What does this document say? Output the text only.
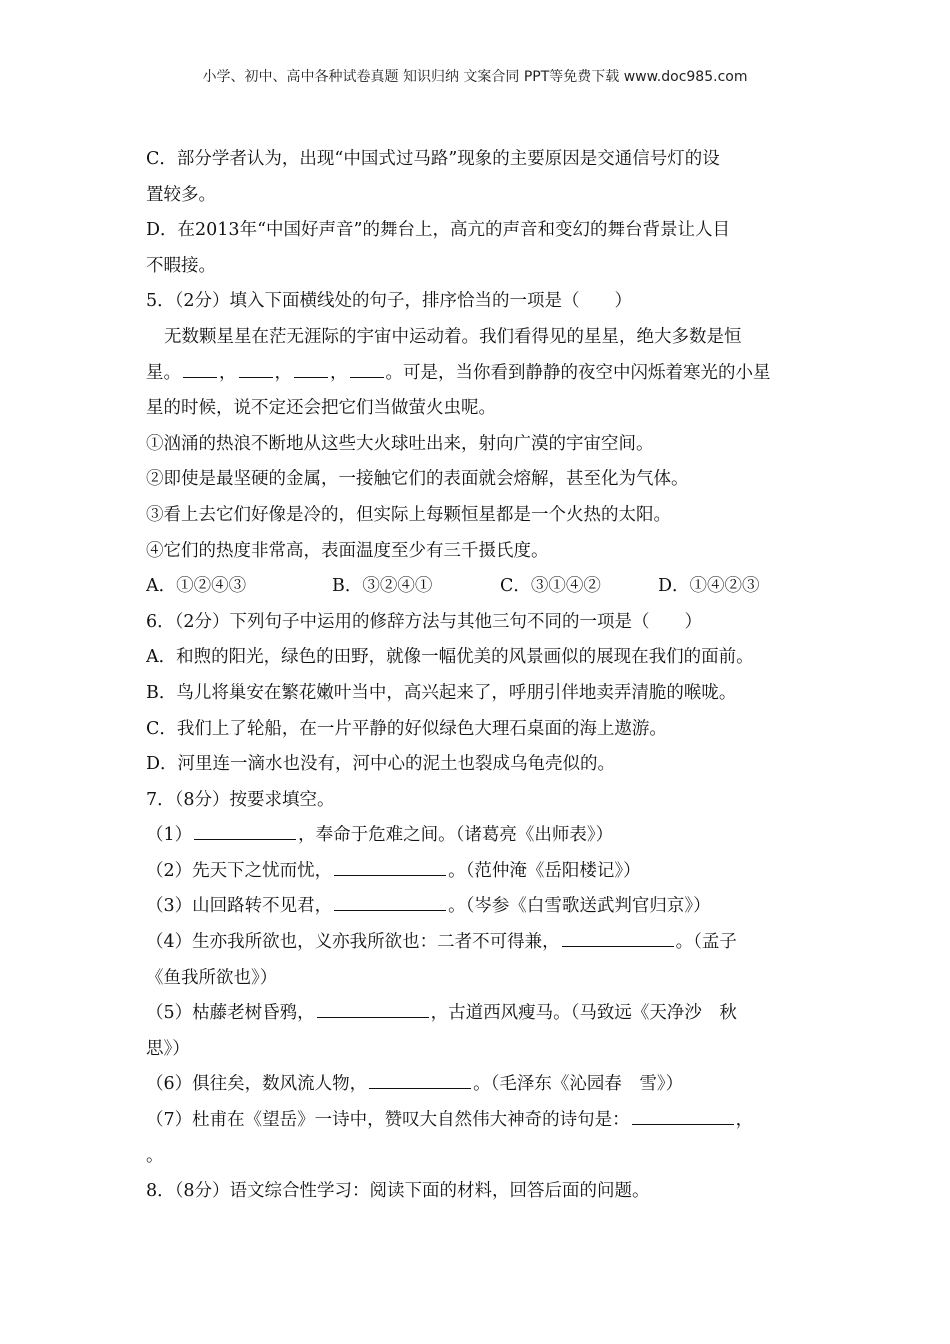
小学、初中、高中各种试卷真题 知识归纳 文案合同 PPT等免费下载 www.doc985.com
C．部分学者认为，出现“中国式过马路”现象的主要原因是交通信号灯的设
置较多。
D．在2013年“中国好声音”的舞台上，高亢的声音和变幻的舞台背景让人目
不暇接。
5．（2分）填入下面横线处的句子，排序恰当的一项是（　　）
无数颗星星在茫无涯际的宇宙中运动着。我们看得见的星星，绝大多数是恒
星。 ， ， ， 。可是，当你看到静静的夜空中闪烁着寒光的小星
星的时候，说不定还会把它们当做萤火虫呢。
①汹涌的热浪不断地从这些大火球吐出来，射向广漠的宇宙空间。
②即使是最坚硬的金属，一接触它们的表面就会熔解，甚至化为气体。
③看上去它们好像是冷的，但实际上每颗恒星都是一个火热的太阳。
④它们的热度非常高，表面温度至少有三千摄氏度。
A．①②④③	B．③②④①	C．③①④②	D．①④②③
6．（2分）下列句子中运用的修辞方法与其他三句不同的一项是（　　）
A．和煦的阳光，绿色的田野，就像一幅优美的风景画似的展现在我们的面前。
B．鸟儿将巢安在繁花嫩叶当中，高兴起来了，呼朋引伴地卖弄清脆的喉咙。
C．我们上了轮船，在一片平静的好似绿色大理石桌面的海上遨游。
D．河里连一滴水也没有，河中心的泥土也裂成乌龟壳似的。
7．（8分）按要求填空。
（1）	，奉命于危难之间。（诸葛亮《出师表》）
（2）先天下之忧而忧，	。（范仲淹《岳阳楼记》）
（3）山回路转不见君，	。（岑参《白雪歌送武判官归京》）
（4）生亦我所欲也，义亦我所欲也：二者不可得兼，	。（孟子
《鱼我所欲也》）
（5）枯藤老树昏鸦，	，古道西风瘦马。（马致远《天净沙　秋
思》）
（6）俱往矣，数风流人物，	。（毛泽东《沁园春　雪》）
（7）杜甫在《望岳》一诗中，赞叹大自然伟大神奇的诗句是：	，
。
8．（8分）语文综合性学习：阅读下面的材料，回答后面的问题。
